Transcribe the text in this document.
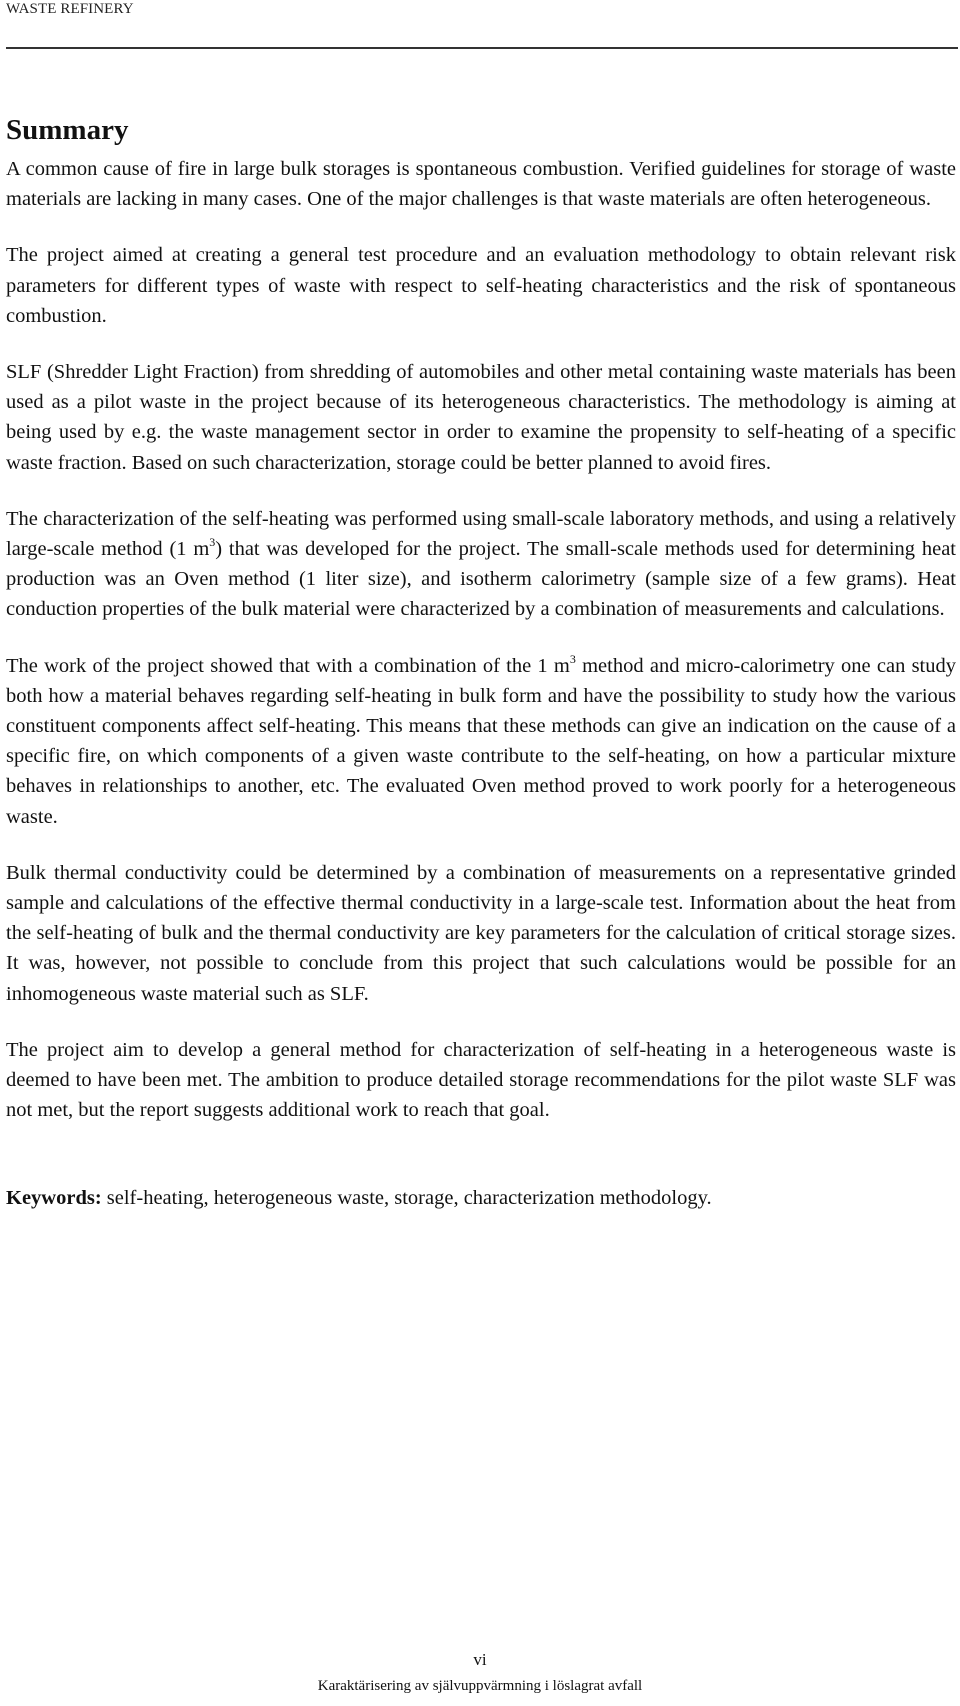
WASTE REFINERY
Summary

A common cause of fire in large bulk storages is spontaneous combustion. Verified guidelines for storage of waste materials are lacking in many cases. One of the major challenges is that waste materials are often heterogeneous.

The project aimed at creating a general test procedure and an evaluation methodology to obtain relevant risk parameters for different types of waste with respect to self-heating characteristics and the risk of spontaneous combustion.

SLF (Shredder Light Fraction) from shredding of automobiles and other metal containing waste materials has been used as a pilot waste in the project because of its heterogeneous characteristics. The methodology is aiming at being used by e.g. the waste management sector in order to examine the propensity to self-heating of a specific waste fraction. Based on such characterization, storage could be better planned to avoid fires.

The characterization of the self-heating was performed using small-scale laboratory methods, and using a relatively large-scale method (1 $m^3$) that was developed for the project. The small-scale methods used for determining heat production was an Oven method (1 liter size), and isotherm calorimetry (sample size of a few grams). Heat conduction properties of the bulk material were characterized by a combination of measurements and calculations.

The work of the project showed that with a combination of the 1 $m^3$ method and micro-calorimetry one can study both how a material behaves regarding self-heating in bulk form and have the possibility to study how the various constituent components affect self-heating. This means that these methods can give an indication on the cause of a specific fire, on which components of a given waste contribute to the self-heating, on how a particular mixture behaves in relationships to another, etc. The evaluated Oven method proved to work poorly for a heterogeneous waste.

Bulk thermal conductivity could be determined by a combination of measurements on a representative grinded sample and calculations of the effective thermal conductivity in a large-scale test. Information about the heat from the self-heating of bulk and the thermal conductivity are key parameters for the calculation of critical storage sizes. It was, however, not possible to conclude from this project that such calculations would be possible for an inhomogeneous waste material such as SLF.

The project aim to develop a general method for characterization of self-heating in a heterogeneous waste is deemed to have been met. The ambition to produce detailed storage recommendations for the pilot waste SLF was not met, but the report suggests additional work to reach that goal.

Keywords: self-heating, heterogeneous waste, storage, characterization methodology.
vi
Karaktärisering av självuppvärmning i löslagrat avfall
